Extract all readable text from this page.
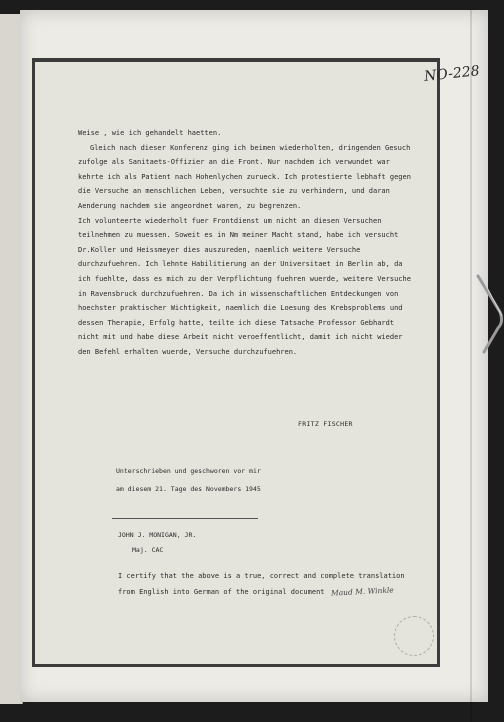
NO-228

Weise , wie ich gehandelt haetten.

Gleich nach dieser Konferenz ging ich beimen wiederholten, dringenden Gesuch zufolge als Sanitaets-Offizier an die Front. Nur nachdem ich verwundet war kehrte ich als Patient nach Hohenlychen zurueck. Ich protestierte lebhaft gegen die Versuche an menschlichen Leben, versuchte sie zu verhindern, und daran Aenderung nachdem sie angeordnet waren, zu begrenzen.

Ich volunteerte wiederholt fuer Frontdienst um nicht an diesen Versuchen teilnehmen zu muessen. Soweit es in Nm meiner Macht stand, habe ich versucht Dr.Koller und Heissmeyer dies auszureden, naemlich weitere Versuche durchzufuehren. Ich lehnte Habilitierung an der Universitaet in Berlin ab, da ich fuehlte, dass es mich zu der Verpflichtung fuehren wuerde, weitere Versuche in Ravensbruck durchzufuehren. Da ich in wissenschaftlichen Entdeckungen von hoechster praktischer Wichtigkeit, naemlich die Loesung des Krebsproblems und dessen Therapie, Erfolg hatte, teilte ich diese Tatsache Professor Gebhardt nicht mit und habe diese Arbeit nicht veroeffentlicht, damit ich nicht wieder den Befehl erhalten wuerde, Versuche durchzufuehren.

FRITZ FISCHER
Unterschrieben und geschworen vor mir
am diesem 21. Tage des Novembers 1945
JOHN J. MONIGAN, JR.
Maj. CAC
I certify that the above is a true, correct and complete translation from English into German of the original document Maud M. Winkle
